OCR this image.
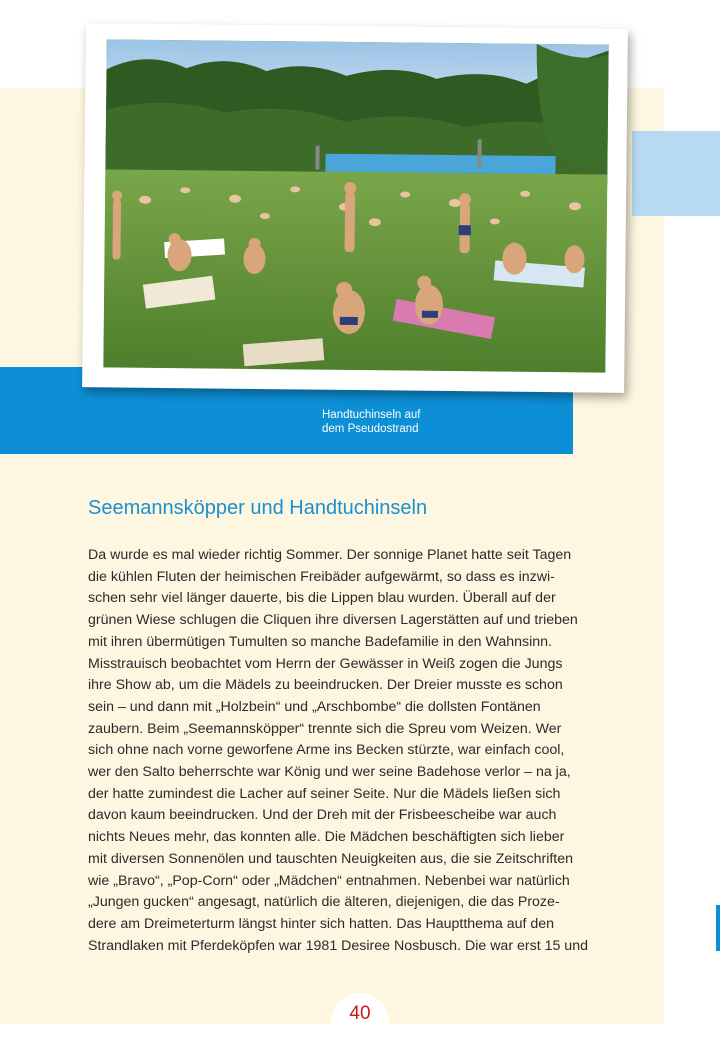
Handtuchinseln auf
dem Pseudostrand

Seemannsköpper und Handtuchinseln
Da wurde es mal wieder richtig Sommer. Der sonnige Planet hatte seit Tagen
die kühlen Fluten der heimischen Freibäder aufgewärmt, so dass es inzwi-
schen sehr viel länger dauerte, bis die Lippen blau wurden. Überall auf der
grünen Wiese schlugen die Cliquen ihre diversen Lagerstätten auf und trieben
mit ihren übermütigen Tumulten so manche Badefamilie in den Wahnsinn.
Misstrauisch beobachtet vom Herrn der Gewässer in Weiß zogen die Jungs
ihre Show ab, um die Mädels zu beeindrucken. Der Dreier musste es schon
sein – und dann mit „Holzbein“ und „Arschbombe“ die dollsten Fontänen
zaubern. Beim „Seemannsköpper“ trennte sich die Spreu vom Weizen. Wer
sich ohne nach vorne geworfene Arme ins Becken stürzte, war einfach cool,
wer den Salto beherrschte war König und wer seine Badehose verlor – na ja,
der hatte zumindest die Lacher auf seiner Seite. Nur die Mädels ließen sich
davon kaum beeindrucken. Und der Dreh mit der Frisbeescheibe war auch
nichts Neues mehr, das konnten alle. Die Mädchen beschäftigten sich lieber
mit diversen Sonnenölen und tauschten Neuigkeiten aus, die sie Zeitschriften
wie „Bravo“, „Pop-Corn“ oder „Mädchen“ entnahmen. Nebenbei war natürlich
„Jungen gucken“ angesagt, natürlich die älteren, diejenigen, die das Proze-
dere am Dreimeterturm längst hinter sich hatten. Das Hauptthema auf den
Strandlaken mit Pferdeköpfen war 1981 Desiree Nosbusch. Die war erst 15 und
40
